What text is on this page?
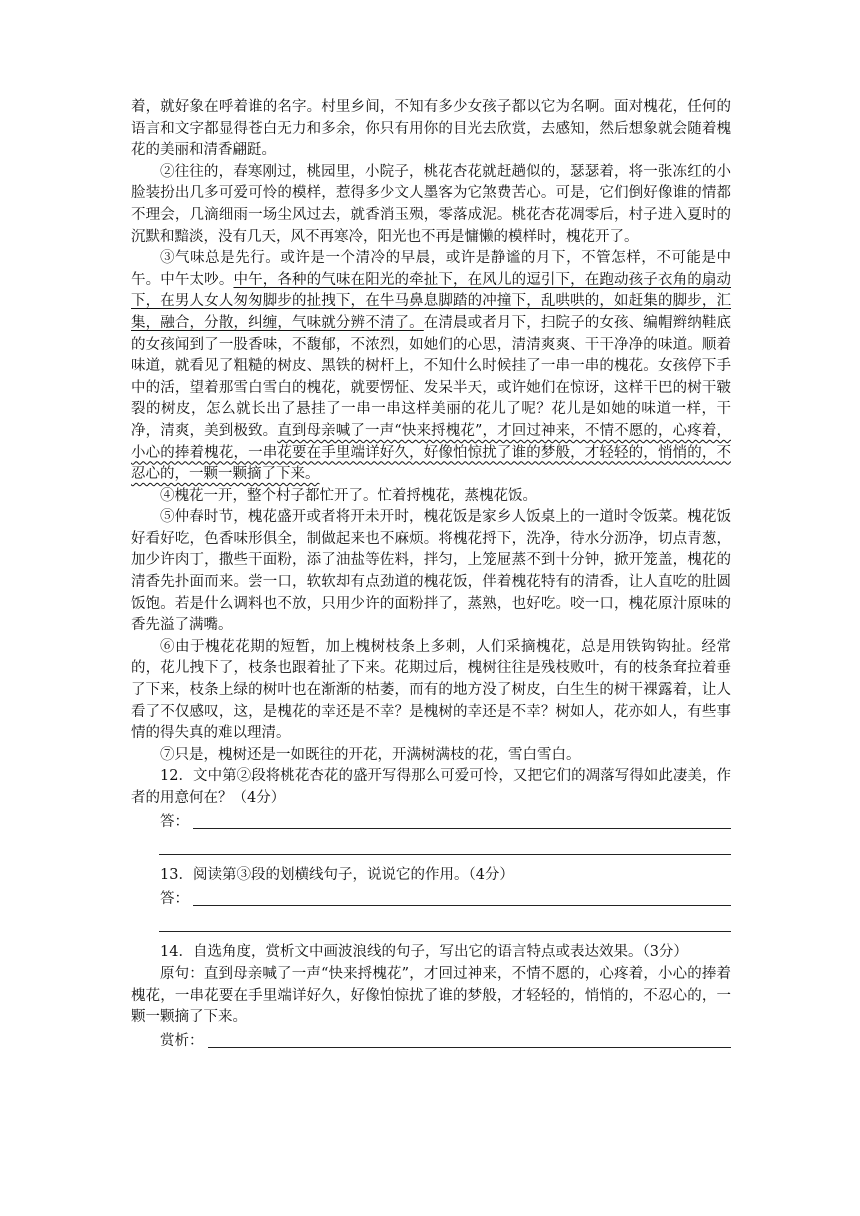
着，就好象在呼着谁的名字。村里乡间，不知有多少女孩子都以它为名啊。面对槐花，任何的语言和文字都显得苍白无力和多余，你只有用你的目光去欣赏，去感知，然后想象就会随着槐花的美丽和清香翩跹。

②往往的，春寒刚过，桃园里，小院子，桃花杏花就赶趟似的，瑟瑟着，将一张冻红的小脸装扮出几多可爱可怜的模样，惹得多少文人墨客为它煞费苦心。可是，它们倒好像谁的情都不理会，几滴细雨一场尘风过去，就香消玉殒，零落成泥。桃花杏花凋零后，村子进入夏时的沉默和黯淡，没有几天，风不再寒冷，阳光也不再是慵懒的模样时，槐花开了。

③气味总是先行。或许是一个清冷的早晨，或许是静谧的月下，不管怎样，不可能是中午。中午太吵。中午，各种的气味在阳光的牵扯下，在风儿的逗引下，在跑动孩子衣角的扇动下，在男人女人匆匆脚步的扯拽下，在牛马鼻息脚踏的冲撞下，乱哄哄的，如赶集的脚步，汇集，融合，分散，纠缠，气味就分辨不清了。在清晨或者月下，扫院子的女孩、编帽辫纳鞋底的女孩闻到了一股香味，不馥郁，不浓烈，如她们的心思，清清爽爽、干干净净的味道。顺着味道，就看见了粗糙的树皮、黑铁的树杆上，不知什么时候挂了一串一串的槐花。女孩停下手中的活，望着那雪白雪白的槐花，就要愣怔、发呆半天，或许她们在惊讶，这样干巴的树干皲裂的树皮，怎么就长出了悬挂了一串一串这样美丽的花儿了呢？花儿是如她的味道一样，干净，清爽，美到极致。直到母亲喊了一声“快来捋槐花”，才回过神来，不情不愿的，心疼着，小心的捧着槐花，一串花要在手里端详好久，好像怕惊扰了谁的梦般，才轻轻的，悄悄的，不忍心的，一颗一颗摘了下来。

④槐花一开，整个村子都忙开了。忙着捋槐花，蒸槐花饭。

⑤仲春时节，槐花盛开或者将开未开时，槐花饭是家乡人饭桌上的一道时令饭菜。槐花饭好看好吃，色香味形俱全，制做起来也不麻烦。将槐花捋下，洗净，待水分沥净，切点青葱，加少许肉丁，撒些干面粉，添了油盐等佐料，拌匀，上笼屉蒸不到十分钟，掀开笼盖，槐花的清香先扑面而来。尝一口，软软却有点劲道的槐花饭，伴着槐花特有的清香，让人直吃的肚圆饭饱。若是什么调料也不放，只用少许的面粉拌了，蒸熟，也好吃。咬一口，槐花原汁原味的香先溢了满嘴。

⑥由于槐花花期的短暂，加上槐树枝条上多刺，人们采摘槐花，总是用铁钩钩扯。经常的，花儿拽下了，枝条也跟着扯了下来。花期过后，槐树往往是残枝败叶，有的枝条耷拉着垂了下来，枝条上绿的树叶也在渐渐的枯萎，而有的地方没了树皮，白生生的树干裸露着，让人看了不仅感叹，这，是槐花的幸还是不幸？是槐树的幸还是不幸？树如人，花亦如人，有些事情的得失真的难以理清。

⑦只是，槐树还是一如既往的开花，开满树满枝的花，雪白雪白。

12．文中第②段将桃花杏花的盛开写得那么可爱可怜，又把它们的凋落写得如此凄美，作者的用意何在？（4分）

答：

13．阅读第③段的划横线句子，说说它的作用。（4分）

答：

14．自选角度，赏析文中画波浪线的句子，写出它的语言特点或表达效果。（3分）

原句：直到母亲喊了一声“快来捋槐花”，才回过神来，不情不愿的，心疼着，小心的捧着槐花，一串花要在手里端详好久，好像怕惊扰了谁的梦般，才轻轻的，悄悄的，不忍心的，一颗一颗摘了下来。

赏析：
